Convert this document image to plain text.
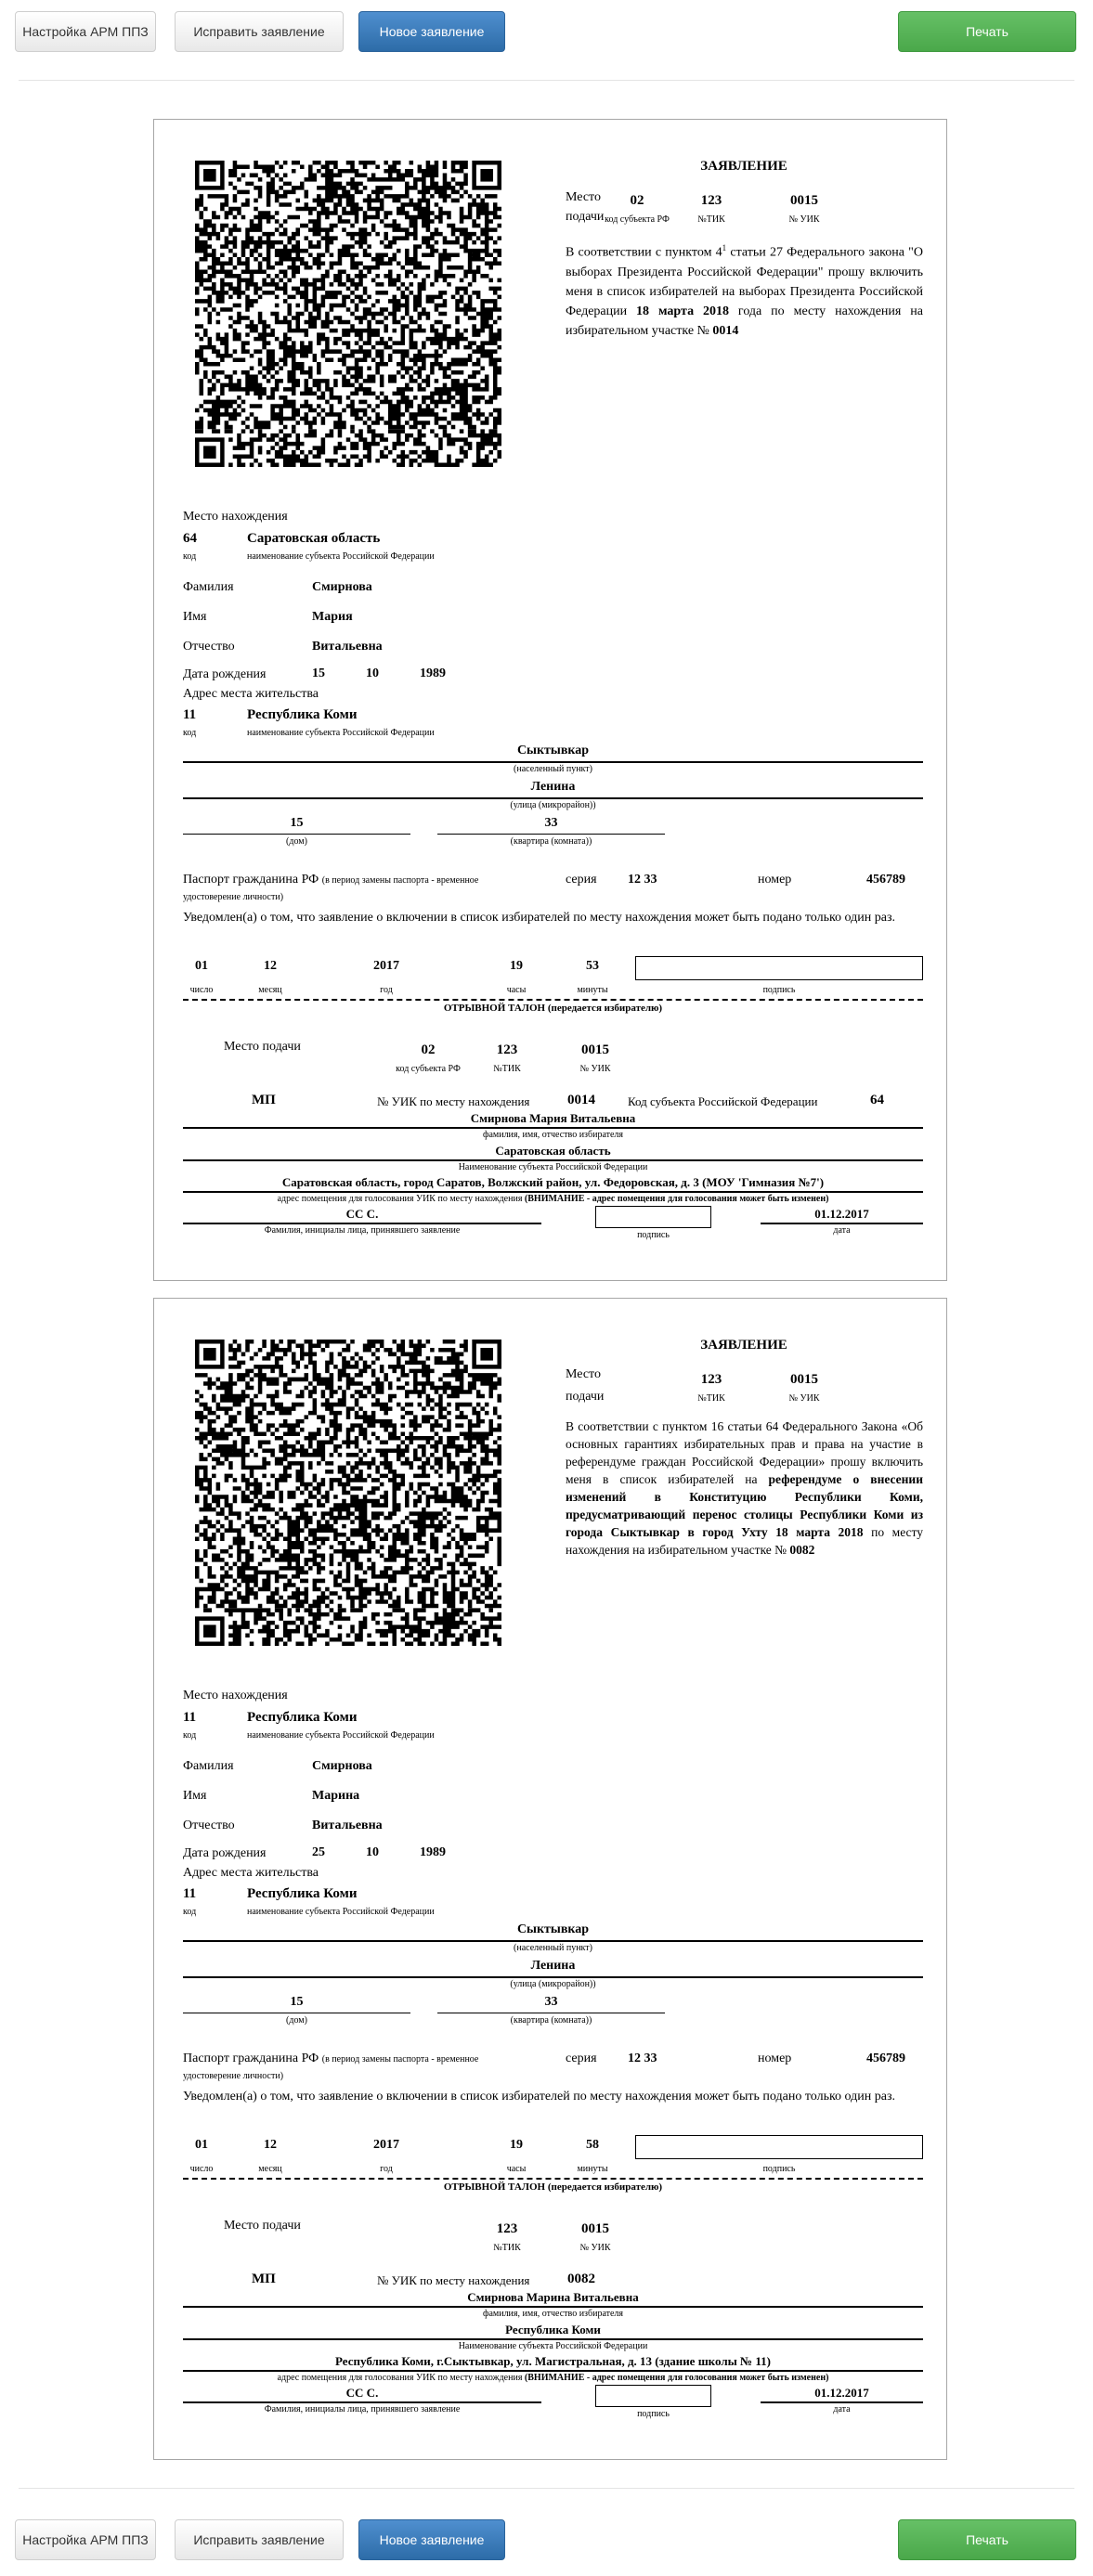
Настройка АРМ ППЗ	Исправить заявление	Новое заявление	Печать
ЗАЯВЛЕНИЕ
Место
подачи
02	123	0015
код субъекта РФ	№ТИК	№ УИК
В соответствии с пунктом $4^1$ статьи 27 Федерального закона "О выборах Президента Российской Федерации" прошу включить меня в список избирателей на выборах Президента Российской Федерации 18 марта 2018 года по месту нахождения на избирательном участке № 0014
Место нахождения
64	Саратовская область
код	наименование субъекта Российской Федерации
Фамилия	Смирнова
Имя	Мария
Отчество	Витальевна
Дата рождения	15	10	1989
Адрес места жительства
11	Республика Коми
код	наименование субъекта Российской Федерации
Сыктывкар
(населенный пункт)
Ленина
(улица (микрорайон))
15
(дом)
33
(квартира (комната))
Паспорт гражданина РФ (в период замены паспорта - временное
удостоверение личности)
серия 12 33	номер	456789
Уведомлен(а) о том, что заявление о включении в список избирателей по месту нахождения может быть подано только один раз.
01	12	2017	19	53
число	месяц	год	часы	минуты	подпись
ОТРЫВНОЙ ТАЛОН (передается избирателю)
Место подачи	02	123	0015
код субъекта РФ	№ТИК	№ УИК
МП	№ УИК по месту нахождения	0014	Код субъекта Российской Федерации	64
Смирнова Мария Витальевна
фамилия, имя, отчество избирателя
Саратовская область
Наименование субъекта Российской Федерации
Саратовская область, город Саратов, Волжский район, ул. Федоровская, д. 3 (МОУ 'Гимназия №7')
адрес помещения для голосования УИК по месту нахождения (ВНИМАНИЕ - адрес помещения для голосования может быть изменен)
СС С.
Фамилия, инициалы лица, принявшего заявление	подпись
01.12.2017
дата
ЗАЯВЛЕНИЕ
Место
подачи
123	0015
№ТИК	№ УИК
В соответствии с пунктом 16 статьи 64 Федерального Закона «Об основных гарантиях избирательных прав и права на участие в референдуме граждан Российской Федерации» прошу включить меня в список избирателей на референдуме о внесении изменений в Конституцию Республики Коми, предусматривающий перенос столицы Республики Коми из города Сыктывкар в город Ухту 18 марта 2018 по месту нахождения на избирательном участке № 0082
Место нахождения
11	Республика Коми
код	наименование субъекта Российской Федерации
Фамилия	Смирнова
Имя	Марина
Отчество	Витальевна
Дата рождения	25	10	1989
Адрес места жительства
11	Республика Коми
код	наименование субъекта Российской Федерации
Сыктывкар
(населенный пункт)
Ленина
(улица (микрорайон))
15
(дом)
33
(квартира (комната))
Паспорт гражданина РФ (в период замены паспорта - временное
удостоверение личности)
серия 12 33	номер	456789
Уведомлен(а) о том, что заявление о включении в список избирателей по месту нахождения может быть подано только один раз.
01	12	2017	19	58
число	месяц	год	часы	минуты	подпись
ОТРЫВНОЙ ТАЛОН (передается избирателю)
Место подачи	123	0015
№ТИК	№ УИК
МП	№ УИК по месту нахождения	0082
Смирнова Марина Витальевна
фамилия, имя, отчество избирателя
Республика Коми
Наименование субъекта Российской Федерации
Республика Коми, г.Сыктывкар, ул. Магистральная, д. 13 (здание школы № 11)
адрес помещения для голосования УИК по месту нахождения (ВНИМАНИЕ - адрес помещения для голосования может быть изменен)
СС С.
Фамилия, инициалы лица, принявшего заявление	подпись
01.12.2017
дата
Настройка АРМ ППЗ	Исправить заявление	Новое заявление	Печать
